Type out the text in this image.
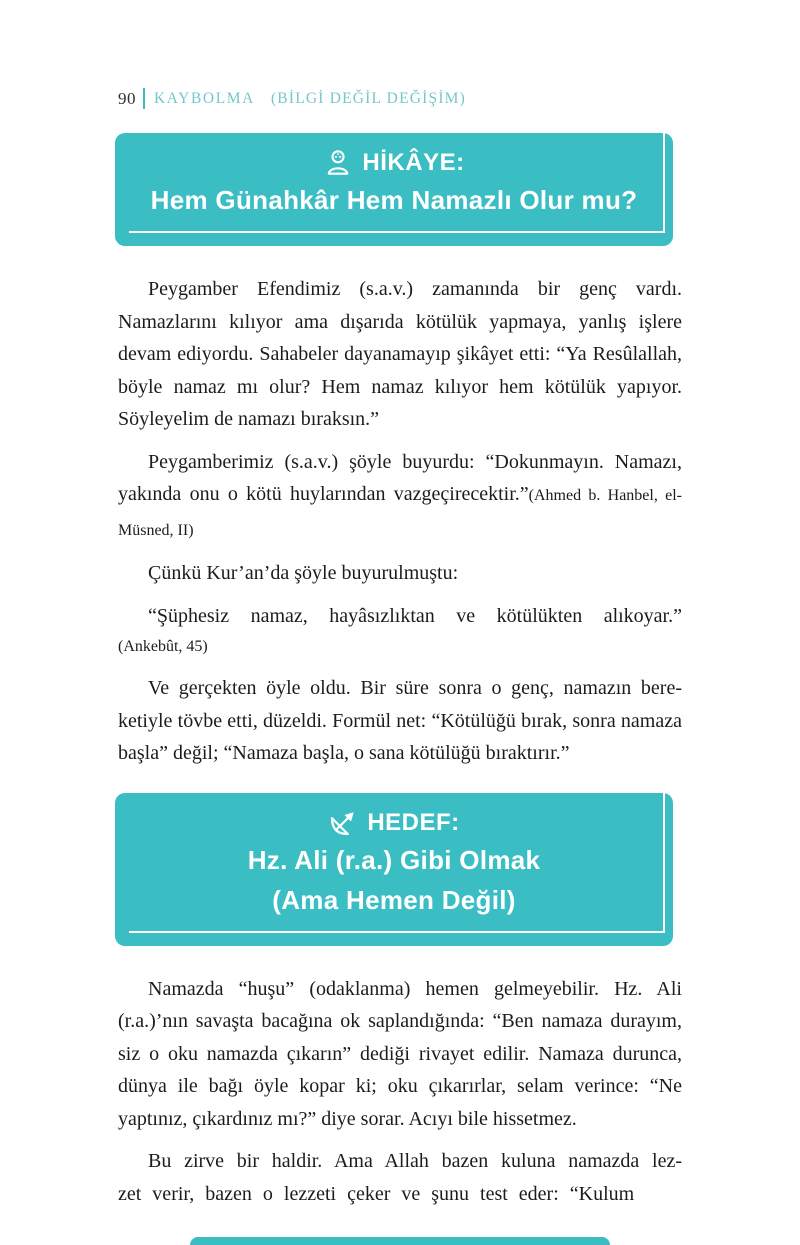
90 KAYBOLMA (BİLGİ DEĞİL DEĞİŞİM)
HİKÂYE:
Hem Günahkâr Hem Namazlı Olur mu?

Peygamber Efendimiz (s.a.v.) zamanında bir genç vardı. Namazlarını kılıyor ama dışarıda kötülük yapmaya, yanlış işlere devam ediyordu. Sahabeler dayanamayıp şikâyet etti: “Ya Resûlallah, böyle namaz mı olur? Hem namaz kılıyor hem kötülük yapıyor. Söyleyelim de namazı bıraksın.”

Peygamberimiz (s.a.v.) şöyle buyurdu: “Dokunmayın. Namazı, yakında onu o kötü huylarından vazgeçirecektir.”(Ahmed b. Hanbel, el-Müsned, II)

Çünkü Kur’an’da şöyle buyurulmuştu:

“Şüphesiz namaz, hayâsızlıktan ve kötülükten alıkoyar.”

(Ankebût, 45)

Ve gerçekten öyle oldu. Bir süre sonra o genç, namazın bereketiyle tövbe etti, düzeldi. Formül net: “Kötülüğü bırak, sonra namaza başla” değil; “Namaza başla, o sana kötülüğü bıraktırır.”

HEDEF:
Hz. Ali (r.a.) Gibi Olmak
(Ama Hemen Değil)

Namazda “huşu” (odaklanma) hemen gelmeyebilir. Hz. Ali (r.a.)’nın savaşta bacağına ok saplandığında: “Ben namaza durayım, siz o oku namazda çıkarın” dediği rivayet edilir. Namaza durunca, dünya ile bağı öyle kopar ki; oku çıkarırlar, selam verince: “Ne yaptınız, çıkardınız mı?” diye sorar. Acıyı bile hissetmez.

Bu zirve bir haldir. Ama Allah bazen kuluna namazda lezzet verir, bazen o lezzeti çeker ve şunu test eder: “Kulum
